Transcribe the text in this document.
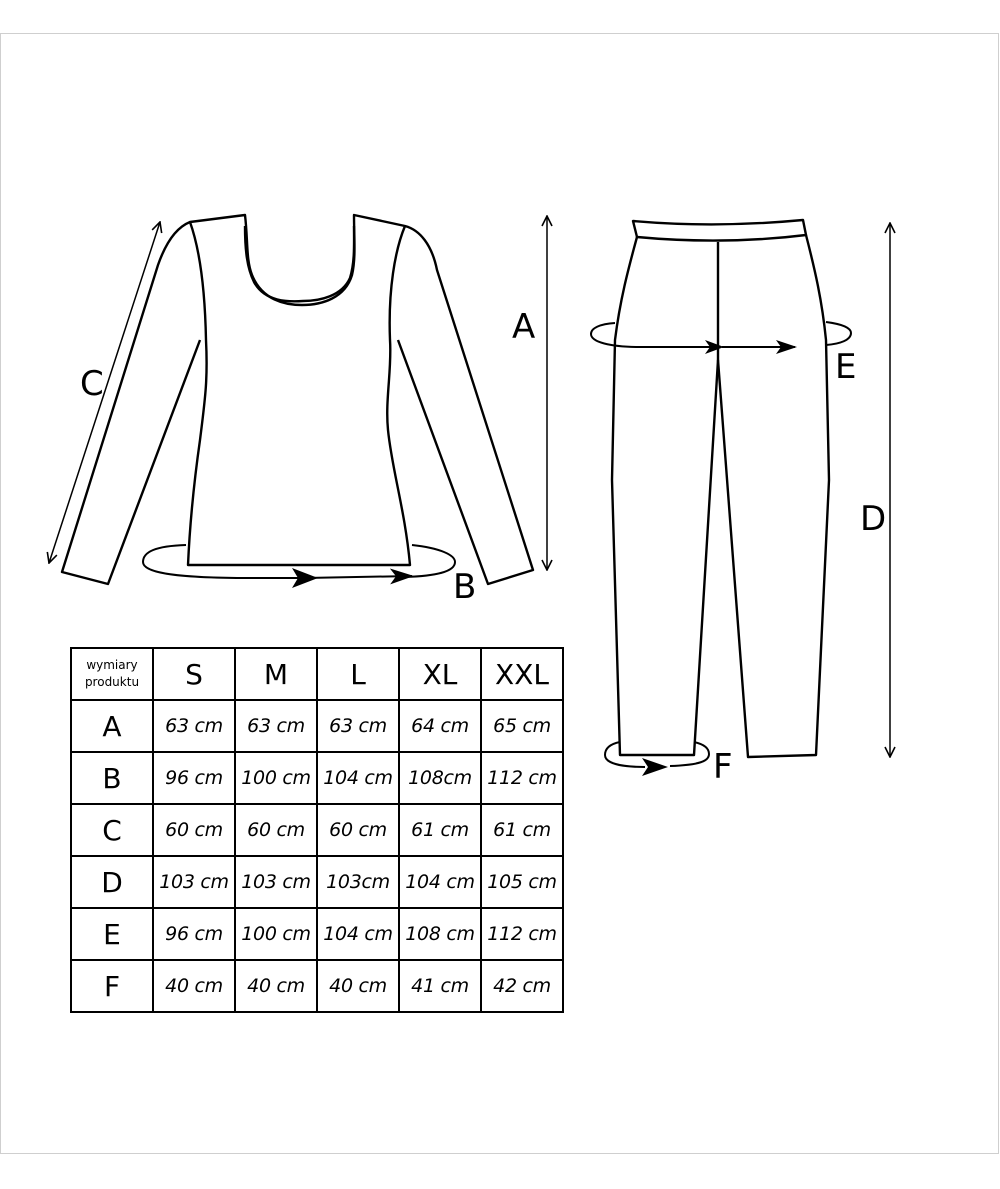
C
A
B
E
D
F
wymiary
produktu	S	M	L	XL	XXL
A	63 cm	63 cm	63 cm	64 cm	65 cm
B	96 cm	100 cm	104 cm	108cm	112 cm
C	60 cm	60 cm	60 cm	61 cm	61 cm
D	103 cm	103 cm	103cm	104 cm	105 cm
E	96 cm	100 cm	104 cm	108 cm	112 cm
F	40 cm	40 cm	40 cm	41 cm	42 cm
